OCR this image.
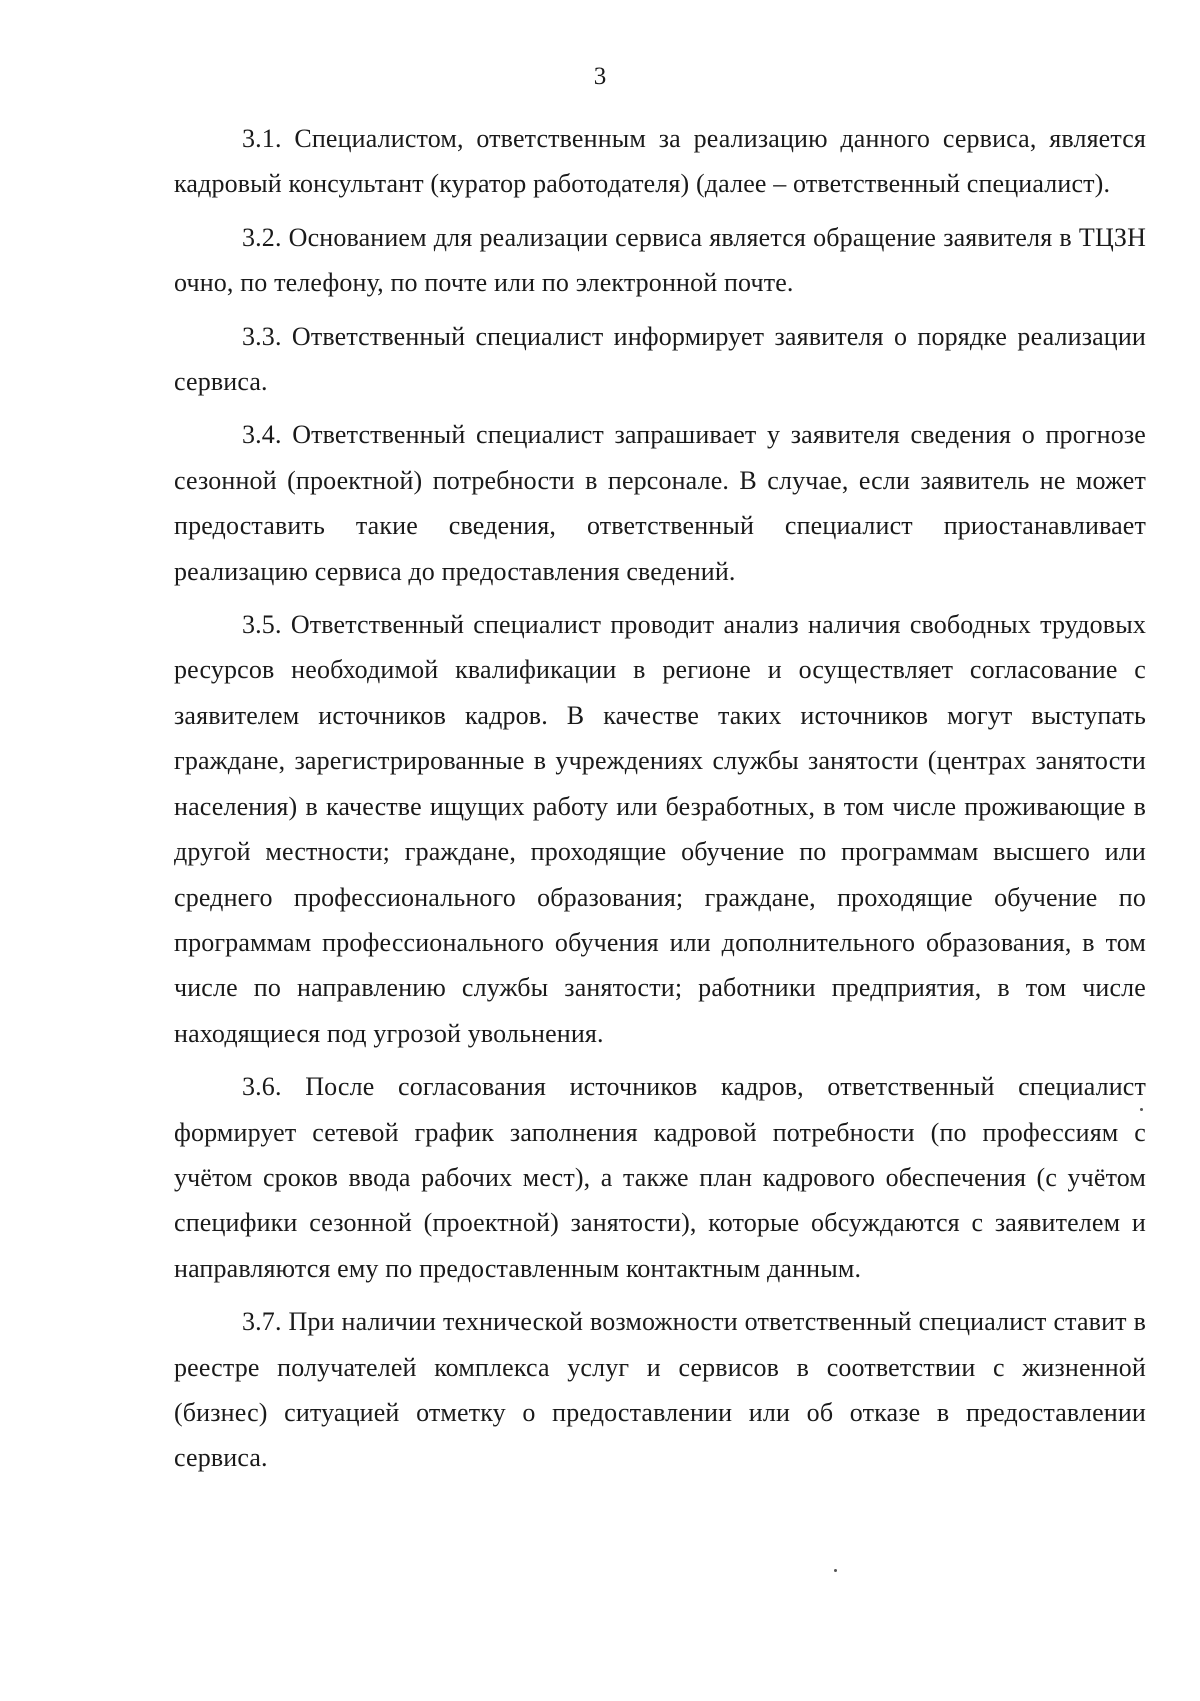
3

3.1. Специалистом, ответственным за реализацию данного сервиса, является кадровый консультант (куратор работодателя) (далее – ответственный специалист).

3.2. Основанием для реализации сервиса является обращение заявителя в ТЦЗН очно, по телефону, по почте или по электронной почте.

3.3. Ответственный специалист информирует заявителя о порядке реализации сервиса.

3.4. Ответственный специалист запрашивает у заявителя сведения о прогнозе сезонной (проектной) потребности в персонале. В случае, если заявитель не может предоставить такие сведения, ответственный специалист приостанавливает реализацию сервиса до предоставления сведений.

3.5. Ответственный специалист проводит анализ наличия свободных трудовых ресурсов необходимой квалификации в регионе и осуществляет согласование с заявителем источников кадров. В качестве таких источников могут выступать граждане, зарегистрированные в учреждениях службы занятости (центрах занятости населения) в качестве ищущих работу или безработных, в том числе проживающие в другой местности; граждане, проходящие обучение по программам высшего или среднего профессионального образования; граждане, проходящие обучение по программам профессионального обучения или дополнительного образования, в том числе по направлению службы занятости; работники предприятия, в том числе находящиеся под угрозой увольнения.

3.6. После согласования источников кадров, ответственный специалист формирует сетевой график заполнения кадровой потребности (по профессиям с учётом сроков ввода рабочих мест), а также план кадрового обеспечения (с учётом специфики сезонной (проектной) занятости), которые обсуждаются с заявителем и направляются ему по предоставленным контактным данным.

3.7. При наличии технической возможности ответственный специалист ставит в реестре получателей комплекса услуг и сервисов в соответствии с жизненной (бизнес) ситуацией отметку о предоставлении или об отказе в предоставлении сервиса.
